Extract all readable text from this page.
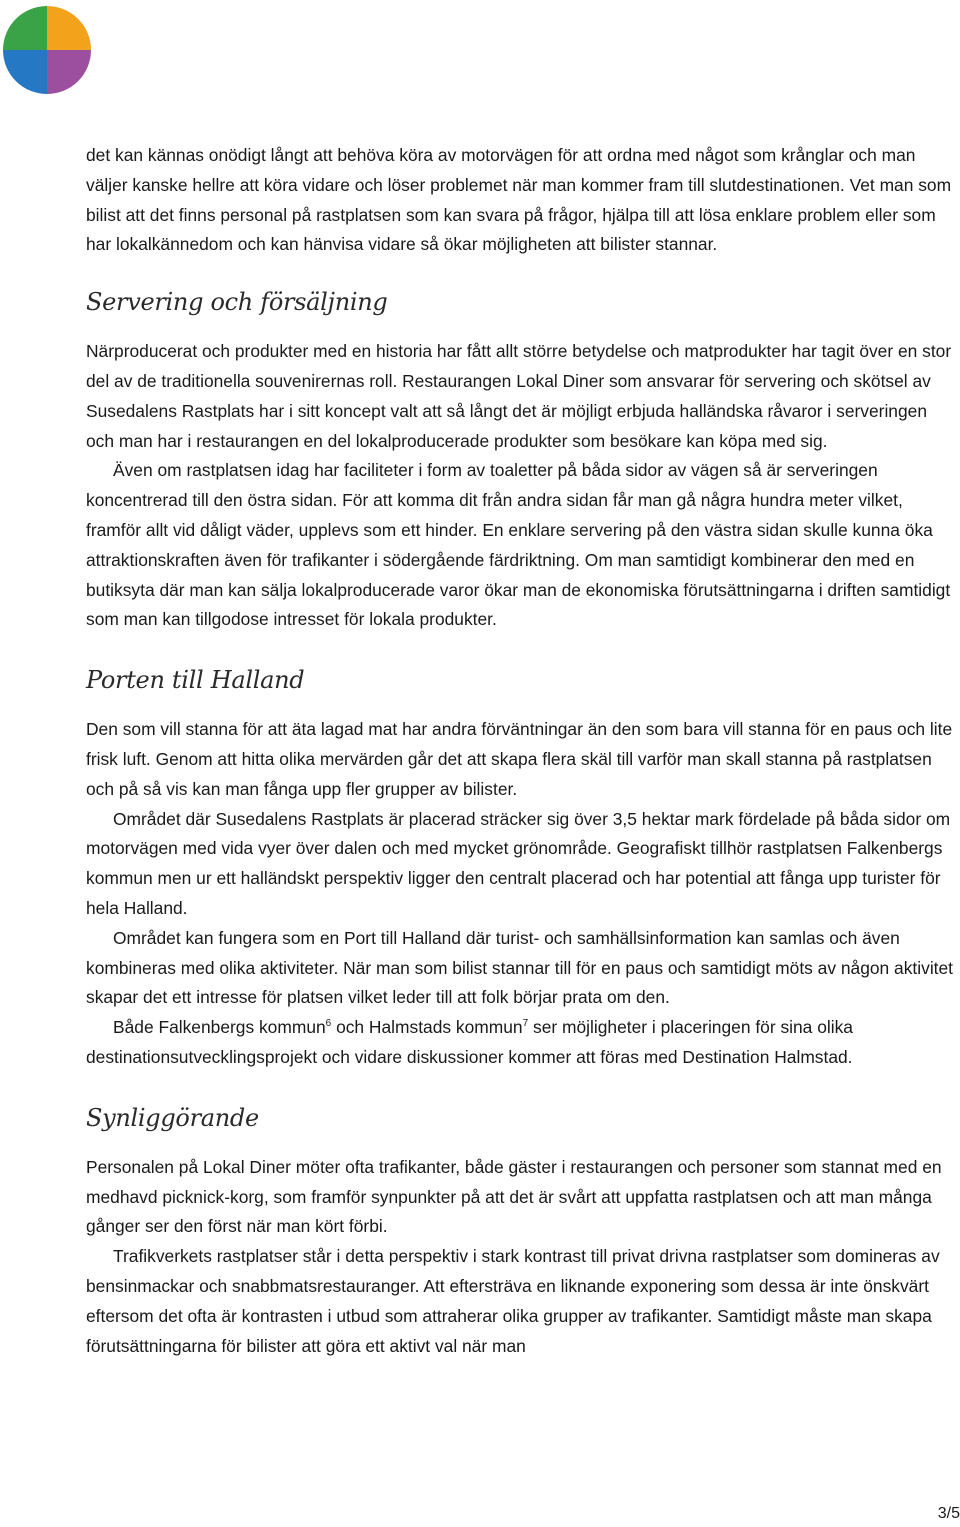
det kan kännas onödigt långt att behöva köra av motorvägen för att ordna med något som krånglar och man väljer kanske hellre att köra vidare och löser problemet när man kommer fram till slutdestinationen. Vet man som bilist att det finns personal på rastplatsen som kan svara på frågor, hjälpa till att lösa enklare problem eller som har lokalkännedom och kan hänvisa vidare så ökar möjligheten att bilister stannar.

Servering och försäljning

Närproducerat och produkter med en historia har fått allt större betydelse och matprodukter har tagit över en stor del av de traditionella souvenirernas roll. Restaurangen Lokal Diner som ansvarar för servering och skötsel av Susedalens Rastplats har i sitt koncept valt att så långt det är möjligt erbjuda halländska råvaror i serveringen och man har i restaurangen en del lokalproducerade produkter som besökare kan köpa med sig.

Även om rastplatsen idag har faciliteter i form av toaletter på båda sidor av vägen så är serveringen koncentrerad till den östra sidan. För att komma dit från andra sidan får man gå några hundra meter vilket, framför allt vid dåligt väder, upplevs som ett hinder. En enklare servering på den västra sidan skulle kunna öka attraktionskraften även för trafikanter i södergående färdriktning. Om man samtidigt kombinerar den med en butiksyta där man kan sälja lokalproducerade varor ökar man de ekonomiska förutsättningarna i driften samtidigt som man kan tillgodose intresset för lokala produkter.

Porten till Halland

Den som vill stanna för att äta lagad mat har andra förväntningar än den som bara vill stanna för en paus och lite frisk luft. Genom att hitta olika mervärden går det att skapa flera skäl till varför man skall stanna på rastplatsen och på så vis kan man fånga upp fler grupper av bilister.

Området där Susedalens Rastplats är placerad sträcker sig över 3,5 hektar mark fördelade på båda sidor om motorvägen med vida vyer över dalen och med mycket grönområde. Geografiskt tillhör rastplatsen Falkenbergs kommun men ur ett halländskt perspektiv ligger den centralt placerad och har potential att fånga upp turister för hela Halland.

Området kan fungera som en Port till Halland där turist- och samhällsinformation kan samlas och även kombineras med olika aktiviteter. När man som bilist stannar till för en paus och samtidigt möts av någon aktivitet skapar det ett intresse för platsen vilket leder till att folk börjar prata om den.

Både Falkenbergs kommun$^6$ och Halmstads kommun$^7$ ser möjligheter i placeringen för sina olika destinationsutvecklingsprojekt och vidare diskussioner kommer att föras med Destination Halmstad.

Synliggörande

Personalen på Lokal Diner möter ofta trafikanter, både gäster i restaurangen och personer som stannat med en medhavd picknick-korg, som framför synpunkter på att det är svårt att uppfatta rastplatsen och att man många gånger ser den först när man kört förbi.

Trafikverkets rastplatser står i detta perspektiv i stark kontrast till privat drivna rastplatser som domineras av bensinmackar och snabbmatsrestauranger. Att eftersträva en liknande exponering som dessa är inte önskvärt eftersom det ofta är kontrasten i utbud som attraherar olika grupper av trafikanter. Samtidigt måste man skapa förutsättningarna för bilister att göra ett aktivt val när man

3/5
